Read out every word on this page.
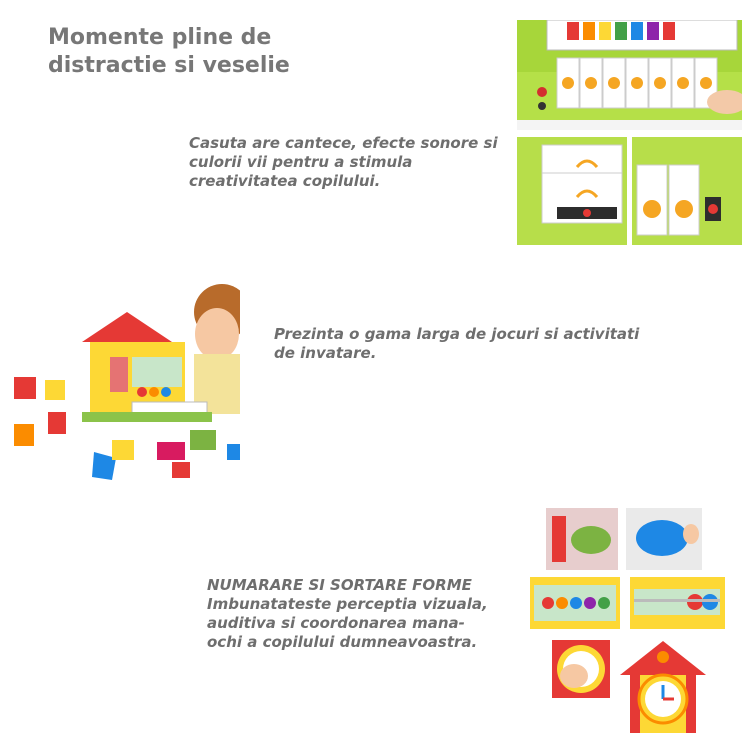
Momente pline de
distractie si veselie
Casuta are cantece, efecte sonore si
culorii vii pentru a stimula
creativitatea copilului.
Prezinta o gama larga de jocuri si activitati
de invatare.
NUMARARE SI SORTARE FORME
Imbunatateste perceptia vizuala,
auditiva si coordonarea mana-
ochi a copilului dumneavoastra.
